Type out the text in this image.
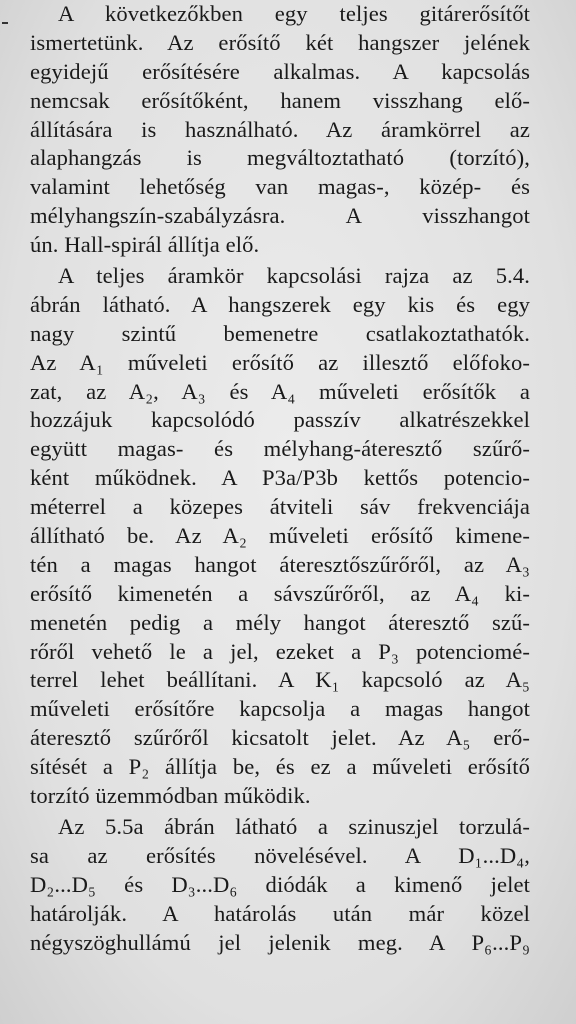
A következőkben egy teljes gitárerősítőt
ismertetünk. Az erősítő két hangszer jelének
egyidejű erősítésére alkalmas. A kapcsolás
nemcsak erősítőként, hanem visszhang elő-
állítására is használható. Az áramkörrel az
alaphangzás is megváltoztatható (torzító),
valamint lehetőség van magas-, közép- és
mélyhangszín-szabályzásra. A visszhangot
ún. Hall-spirál állítja elő.
A teljes áramkör kapcsolási rajza az 5.4.
ábrán látható. A hangszerek egy kis és egy
nagy szintű bemenetre csatlakoztathatók.
Az A₁ műveleti erősítő az illesztő előfoko-
zat, az A₂, A₃ és A₄ műveleti erősítők a
hozzájuk kapcsolódó passzív alkatrészekkel
együtt magas- és mélyhang-áteresztő szűrő-
ként működnek. A P3a/P3b kettős potencio-
méterrel a közepes átviteli sáv frekvenciája
állítható be. Az A₂ műveleti erősítő kimene-
tén a magas hangot áteresztőszűrőről, az A₃
erősítő kimenetén a sávszűrőről, az A₄ ki-
menetén pedig a mély hangot áteresztő szű-
rőről vehető le a jel, ezeket a P₃ potenciomé-
terrel lehet beállítani. A K₁ kapcsoló az A₅
műveleti erősítőre kapcsolja a magas hangot
áteresztő szűrőről kicsatolt jelet. Az A₅ erő-
sítését a P₂ állítja be, és ez a műveleti erősítő
torzító üzemmódban működik.
Az 5.5a ábrán látható a szinuszjel torzulá-
sa az erősítés növelésével. A D₁...D₄,
D₂...D₅ és D₃...D₆ diódák a kimenő jelet
határolják. A határolás után már közel
négyszöghullámú jel jelenik meg. A P₆...P₉
